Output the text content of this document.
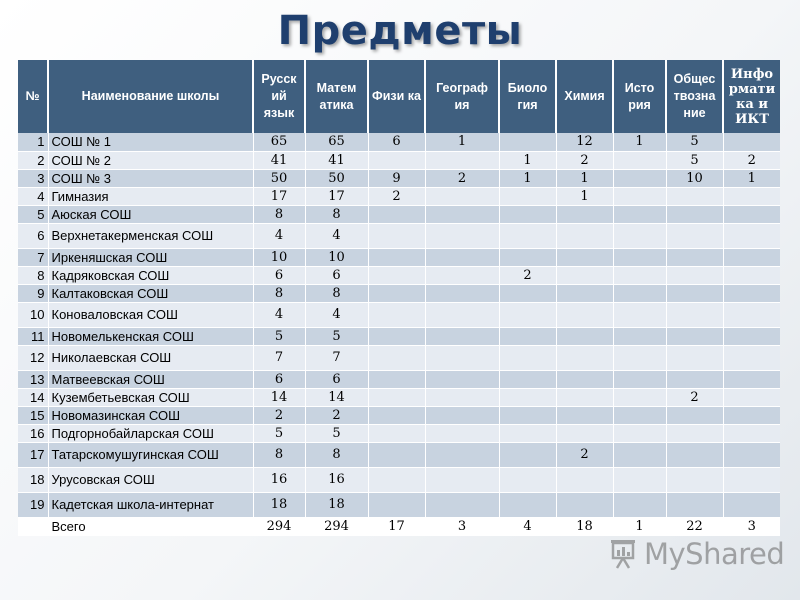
Предметы
№	Наименование школы	Русск ий язык	Матем атика	Физи ка	Географ ия	Биоло гия	Химия	Исто рия	Общес твозна ние	Инфо рмати ка и ИКТ
1	СОШ № 1	65	65	6	1		12	1	5	
2	СОШ № 2	41	41			1	2		5	2
3	СОШ № 3	50	50	9	2	1	1		10	1
4	Гимназия	17	17	2			1			
5	Аюская СОШ	8	8							
6	Верхнетакерменская СОШ	4	4							
7	Иркеняшская СОШ	10	10							
8	Кадряковская СОШ	6	6			2				
9	Калтаковская СОШ	8	8							
10	Коноваловская СОШ	4	4							
11	Новомелькенская СОШ	5	5							
12	Николаевская СОШ	7	7							
13	Матвеевская СОШ	6	6							
14	Кузембетьевская СОШ	14	14						2	
15	Новомазинская СОШ	2	2							
16	Подгорнобайларская СОШ	5	5							
17	Татарскомушугинская СОШ	8	8				2			
18	Урусовская СОШ	16	16							
19	Кадетская школа-интернат	18	18							
	Всего	294	294	17	3	4	18	1	22	3
MyShared
